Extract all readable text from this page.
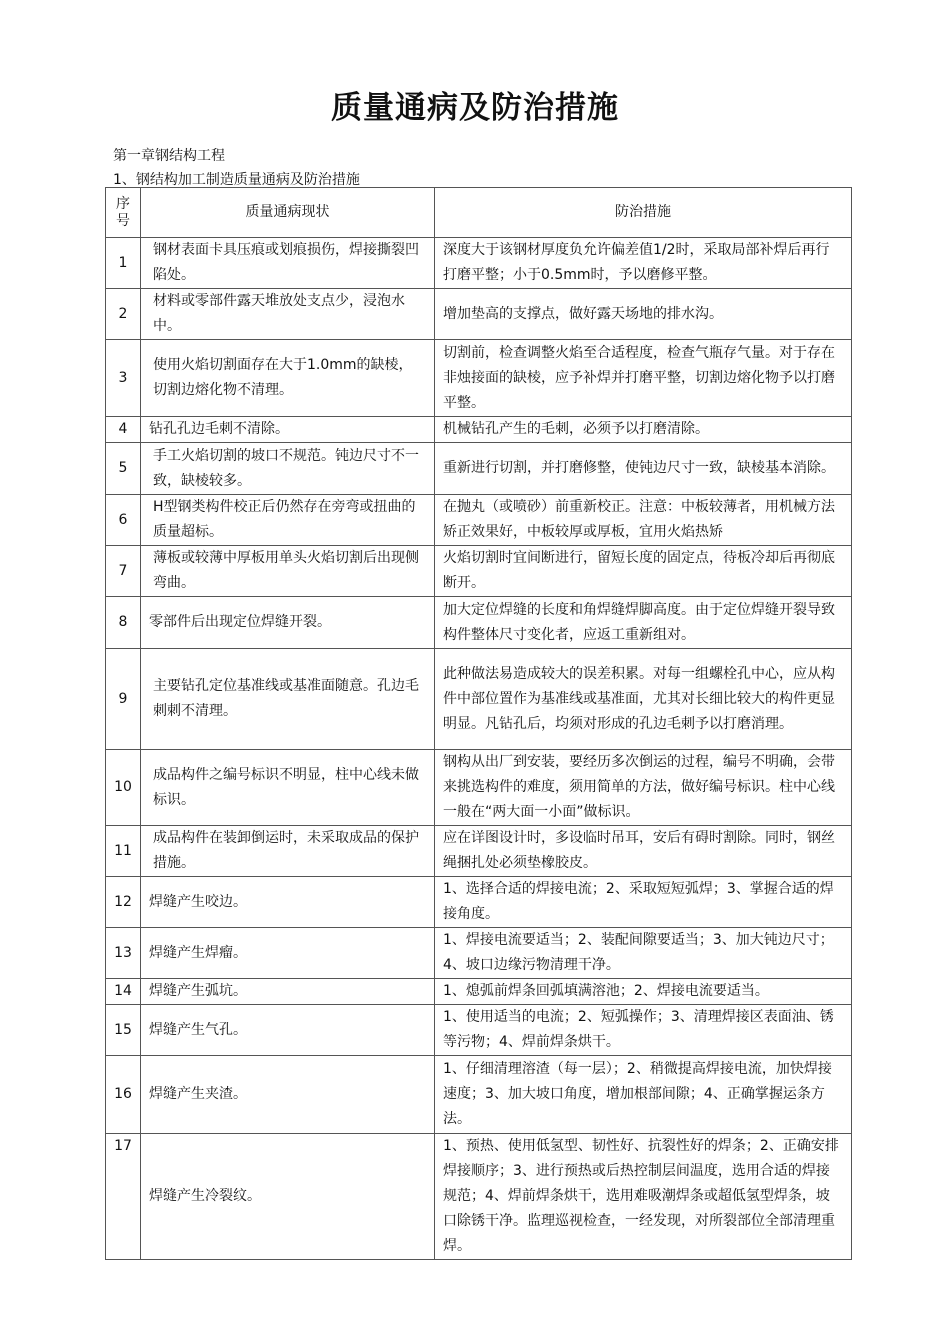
质量通病及防治措施
第一章钢结构工程
1、钢结构加工制造质量通病及防治措施
序号	质量通病现状	防治措施
1	钢材表面卡具压痕或划痕损伤，焊接撕裂凹陷处。	深度大于该钢材厚度负允许偏差值1/2时，采取局部补焊后再行打磨平整；小于0.5mm时，予以磨修平整。
2	材料或零部件露天堆放处支点少，浸泡水中。	增加垫高的支撑点，做好露天场地的排水沟。
3	使用火焰切割面存在大于1.0mm的缺棱，切割边熔化物不清理。	切割前，检查调整火焰至合适程度，检查气瓶存气量。对于存在非烛接面的缺棱，应予补焊并打磨平整，切割边熔化物予以打磨平整。
4	钻孔孔边毛刺不清除。	机械钻孔产生的毛刺，必须予以打磨清除。
5	手工火焰切割的坡口不规范。钝边尺寸不一致，缺棱较多。	重新进行切割，并打磨修整，使钝边尺寸一致，缺棱基本消除。
6	H型钢类构件校正后仍然存在旁弯或扭曲的质量超标。	在抛丸（或喷砂）前重新校正。注意：中板较薄者，用机械方法矫正效果好，中板较厚或厚板，宜用火焰热矫
7	薄板或较薄中厚板用单头火焰切割后出现侧弯曲。	火焰切割时宜间断进行，留短长度的固定点，待板冷却后再彻底断开。
8	零部件后出现定位焊缝开裂。	加大定位焊缝的长度和角焊缝焊脚高度。由于定位焊缝开裂导致构件整体尺寸变化者，应返工重新组对。
9	主要钻孔定位基准线或基准面随意。孔边毛刺刺不清理。	此种做法易造成较大的误差积累。对每一组螺栓孔中心，应从构件中部位置作为基准线或基准面，尤其对长细比较大的构件更显明显。凡钻孔后，均须对形成的孔边毛刺予以打磨消理。
10	成品构件之编号标识不明显，柱中心线未做标识。	钢构从出厂到安装，要经历多次倒运的过程，编号不明确，会带来挑选构件的难度，须用简单的方法，做好编号标识。柱中心线一般在“两大面一小面”做标识。
11	成品构件在装卸倒运时，未采取成品的保护措施。	应在详图设计时，多设临时吊耳，安后有碍时割除。同时，钢丝绳捆扎处必须垫橡胶皮。
12	焊缝产生咬边。	1、选择合适的焊接电流；2、采取短短弧焊；3、掌握合适的焊接角度。
13	焊缝产生焊瘤。	1、焊接电流要适当；2、装配间隙要适当；3、加大钝边尺寸；4、坡口边缘污物清理干净。
14	焊缝产生弧坑。	1、熄弧前焊条回弧填满溶池；2、焊接电流要适当。
15	焊缝产生气孔。	1、使用适当的电流；2、短弧操作；3、清理焊接区表面油、锈等污物；4、焊前焊条烘干。
16	焊缝产生夹渣。	1、仔细清理溶渣（每一层）；2、稍微提高焊接电流，加快焊接速度；3、加大坡口角度，增加根部间隙；4、正确掌握运条方法。
17	焊缝产生冷裂纹。	1、预热、使用低氢型、韧性好、抗裂性好的焊条；2、正确安排焊接顺序；3、进行预热或后热控制层间温度，选用合适的焊接规范；4、焊前焊条烘干，选用难吸潮焊条或超低氢型焊条，坡口除锈干净。监理巡视检查，一经发现，对所裂部位全部清理重焊。
